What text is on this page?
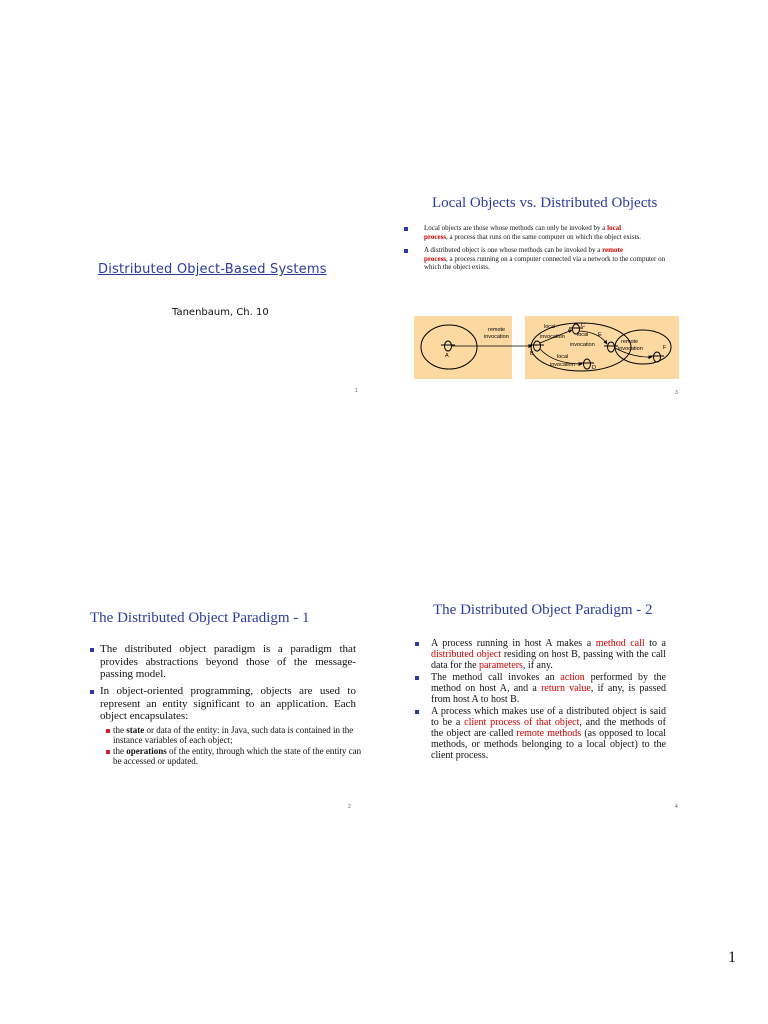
Distributed Object-Based Systems
Tanenbaum, Ch. 10
1
Local Objects vs. Distributed Objects
Local objects are those whose methods can only be invoked by a local
process, a process that runs on the same computer on which the object exists.
A distributed object is one whose methods can be invoked by a remote
process, a process running on a computer connected via a network to the computer on which the object exists.
remote
invocation
local
invocation local
invocation
local
invocation
remote
invocation
A	B
C
D
E
F
3
The Distributed Object Paradigm - 1
The distributed object paradigm is a paradigm that provides abstractions beyond those of the message-passing model.
In object-oriented programming, objects are used to represent an entity significant to an application. Each object encapsulates:
the state or data of the entity: in Java, such data is contained in the instance variables of each object;
the operations of the entity, through which the state of the entity can be accessed or updated.
2
The Distributed Object Paradigm - 2
A process running in host A makes a method call to a distributed object residing on host B, passing with the call data for the parameters, if any.
The method call invokes an action performed by the method on host A, and a return value, if any, is passed from host A to host B.
A process which makes use of a distributed object is said to be a client process of that object, and the methods of the object are called remote methods (as opposed to local methods, or methods belonging to a local object) to the client process.
4
1
